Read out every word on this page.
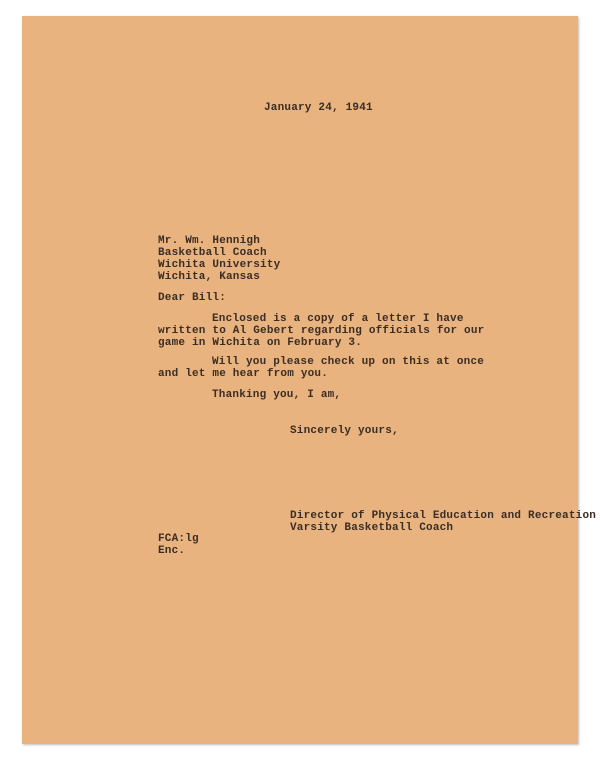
January 24, 1941

Mr. Wm. Hennigh

Basketball Coach

Wichita University

Wichita, Kansas

Dear Bill:

Enclosed is a copy of a letter I have

written to Al Gebert regarding officials for our

game in Wichita on February 3.

Will you please check up on this at once

and let me hear from you.

Thanking you, I am,

Sincerely yours,

Director of Physical Education and Recreation

Varsity Basketball Coach

FCA:lg

Enc.
